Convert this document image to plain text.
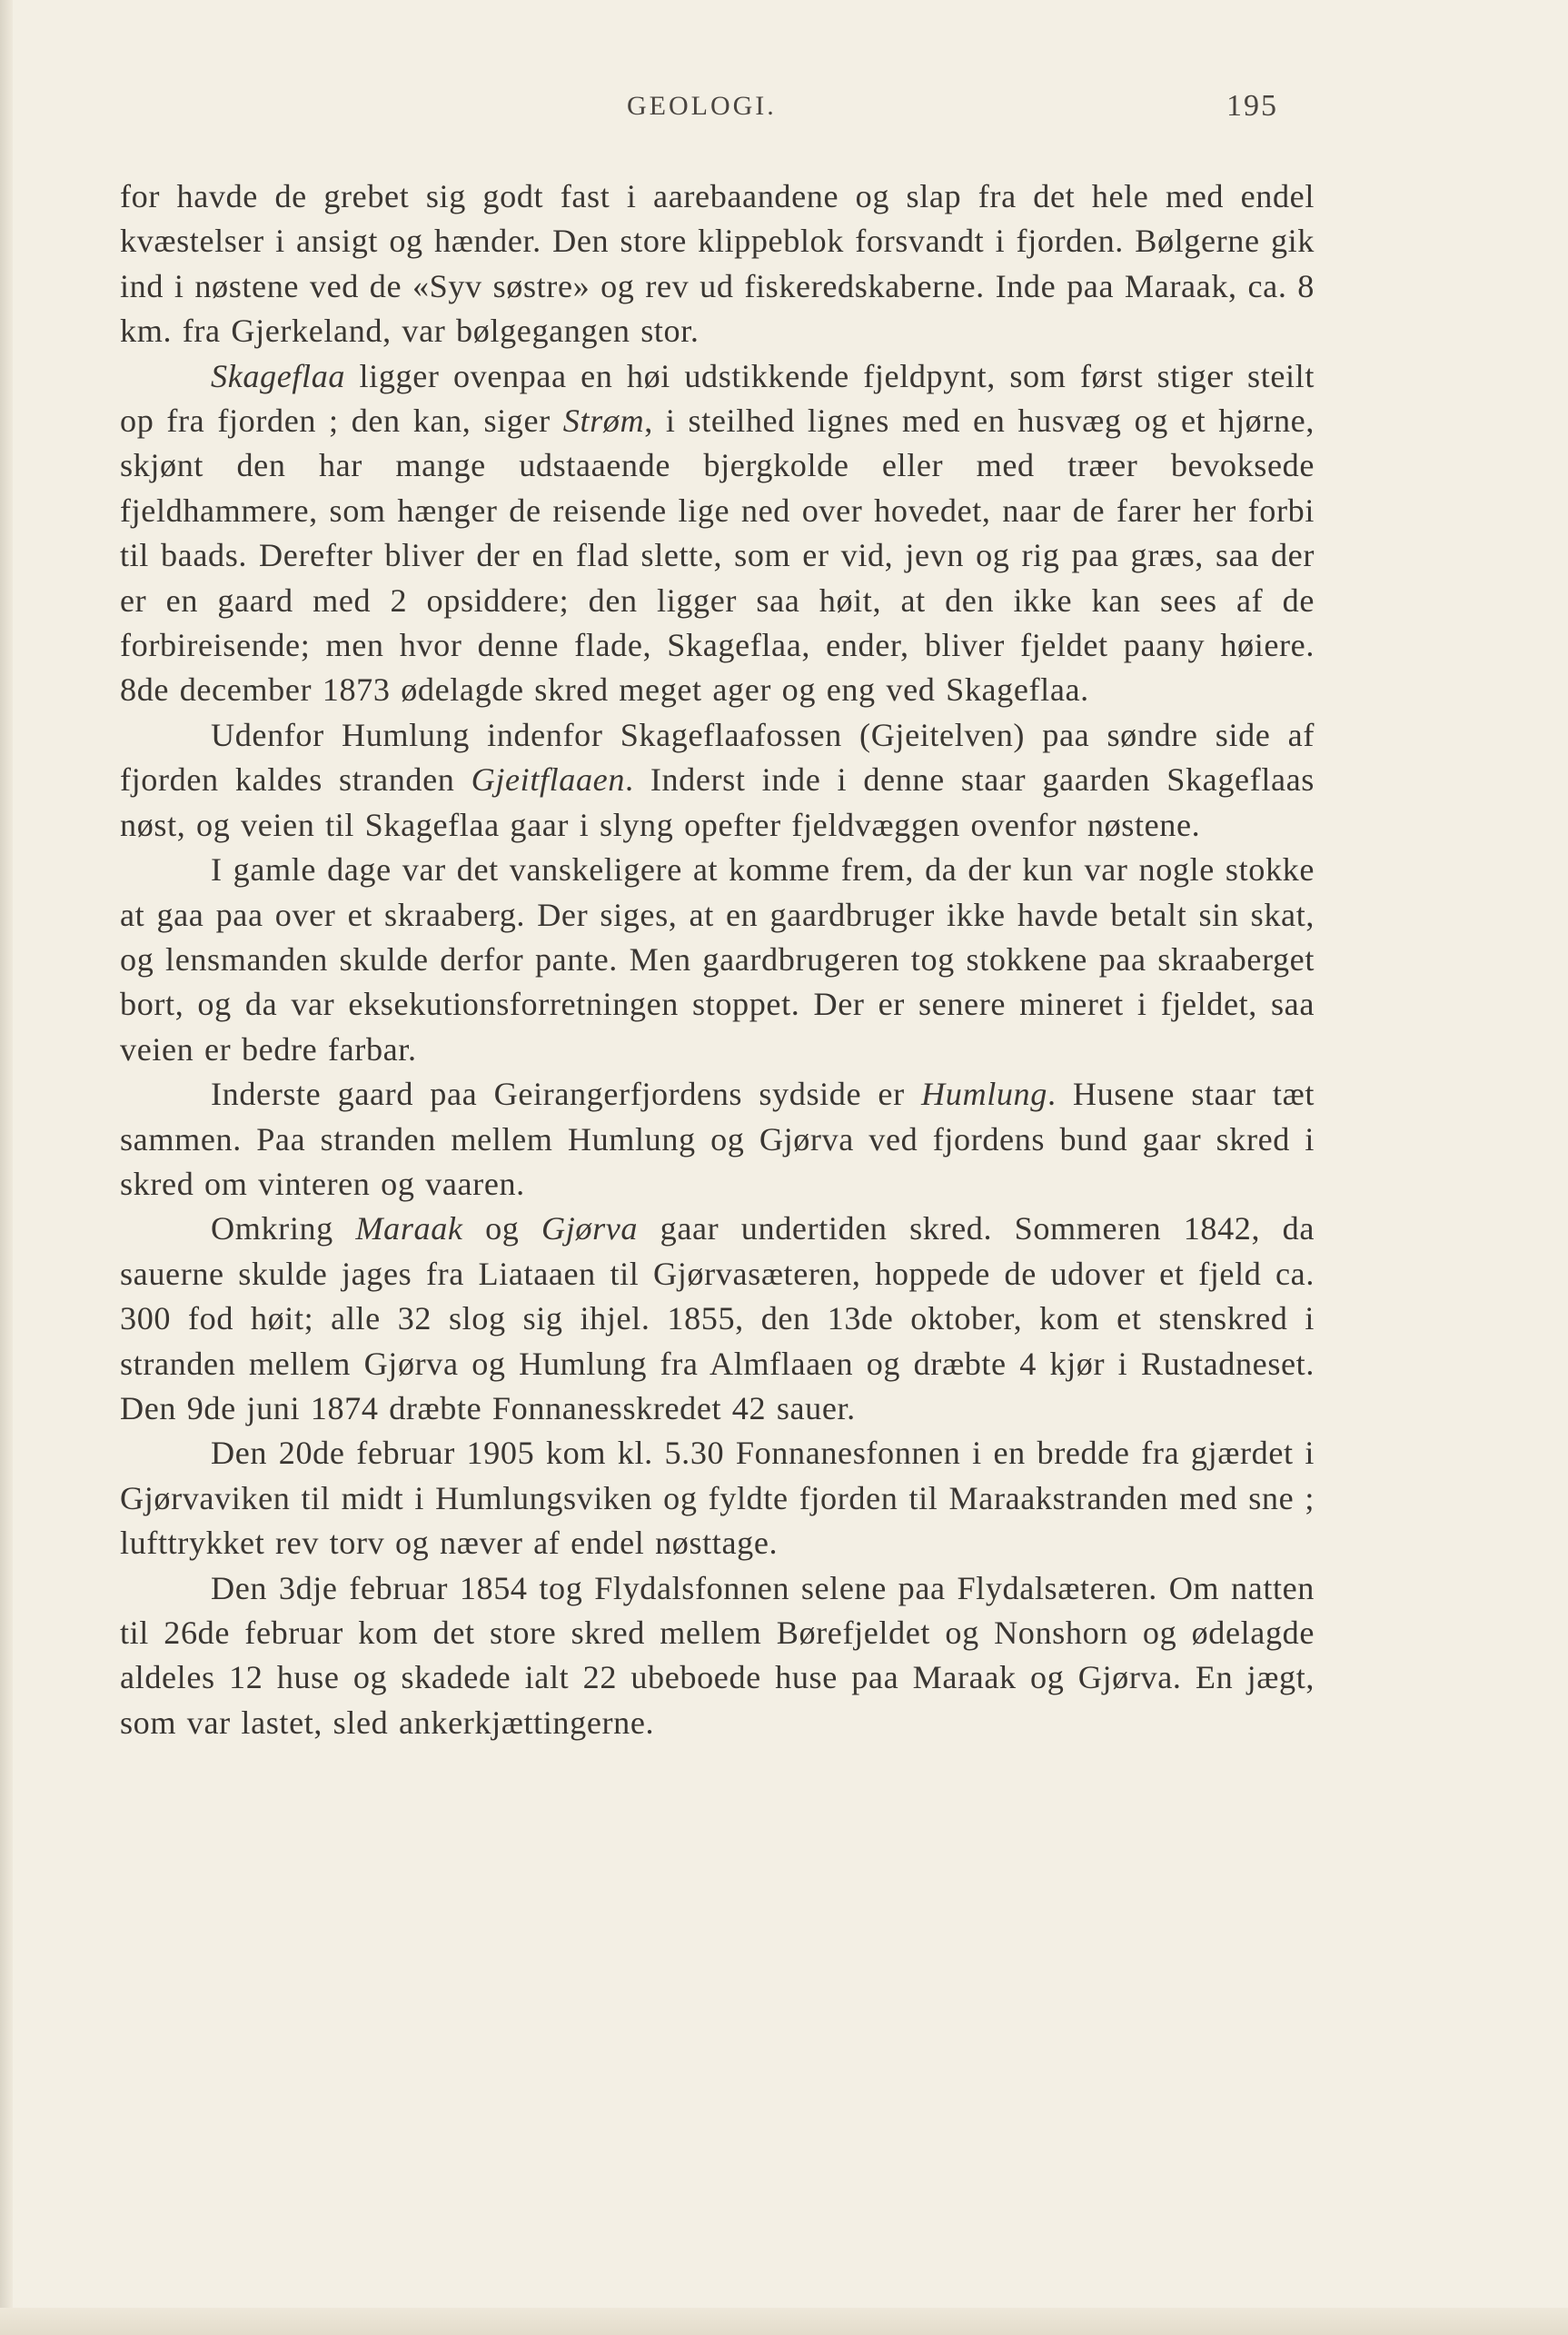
GEOLOGI.	195

for havde de grebet sig godt fast i aarebaandene og slap fra det hele med endel kvæstelser i ansigt og hænder. Den store klippeblok forsvandt i fjorden. Bølgerne gik ind i nøstene ved de «Syv søstre» og rev ud fiskeredskaberne. Inde paa Maraak, ca. 8 km. fra Gjerkeland, var bølgegangen stor.

Skageflaa ligger ovenpaa en høi udstikkende fjeldpynt, som først stiger steilt op fra fjorden ; den kan, siger Strøm, i steilhed lignes med en husvæg og et hjørne, skjønt den har mange udstaaende bjergkolde eller med træer bevoksede fjeldhammere, som hænger de reisende lige ned over hovedet, naar de farer her forbi til baads. Derefter bliver der en flad slette, som er vid, jevn og rig paa græs, saa der er en gaard med 2 opsiddere; den ligger saa høit, at den ikke kan sees af de forbireisende; men hvor denne flade, Skageflaa, ender, bliver fjeldet paany høiere. 8de december 1873 ødelagde skred meget ager og eng ved Skageflaa.

Udenfor Humlung indenfor Skageflaafossen (Gjeitelven) paa søndre side af fjorden kaldes stranden Gjeitflaaen. Inderst inde i denne staar gaarden Skageflaas nøst, og veien til Skageflaa gaar i slyng opefter fjeldvæggen ovenfor nøstene.

I gamle dage var det vanskeligere at komme frem, da der kun var nogle stokke at gaa paa over et skraaberg. Der siges, at en gaardbruger ikke havde betalt sin skat, og lensmanden skulde derfor pante. Men gaardbrugeren tog stokkene paa skraaberget bort, og da var eksekutionsforretningen stoppet. Der er senere mineret i fjeldet, saa veien er bedre farbar.

Inderste gaard paa Geirangerfjordens sydside er Humlung. Husene staar tæt sammen. Paa stranden mellem Humlung og Gjørva ved fjordens bund gaar skred i skred om vinteren og vaaren.

Omkring Maraak og Gjørva gaar undertiden skred. Sommeren 1842, da sauerne skulde jages fra Liataaen til Gjørvasæteren, hoppede de udover et fjeld ca. 300 fod høit; alle 32 slog sig ihjel. 1855, den 13de oktober, kom et stenskred i stranden mellem Gjørva og Humlung fra Almflaaen og dræbte 4 kjør i Rustadneset. Den 9de juni 1874 dræbte Fonnanesskredet 42 sauer.

Den 20de februar 1905 kom kl. 5.30 Fonnanesfonnen i en bredde fra gjærdet i Gjørvaviken til midt i Humlungsviken og fyldte fjorden til Maraakstranden med sne ; lufttrykket rev torv og næver af endel nøsttage.

Den 3dje februar 1854 tog Flydalsfonnen selene paa Flydalsæteren. Om natten til 26de februar kom det store skred mellem Børefjeldet og Nonshorn og ødelagde aldeles 12 huse og skadede ialt 22 ubeboede huse paa Maraak og Gjørva. En jægt, som var lastet, sled ankerkjættingerne.
